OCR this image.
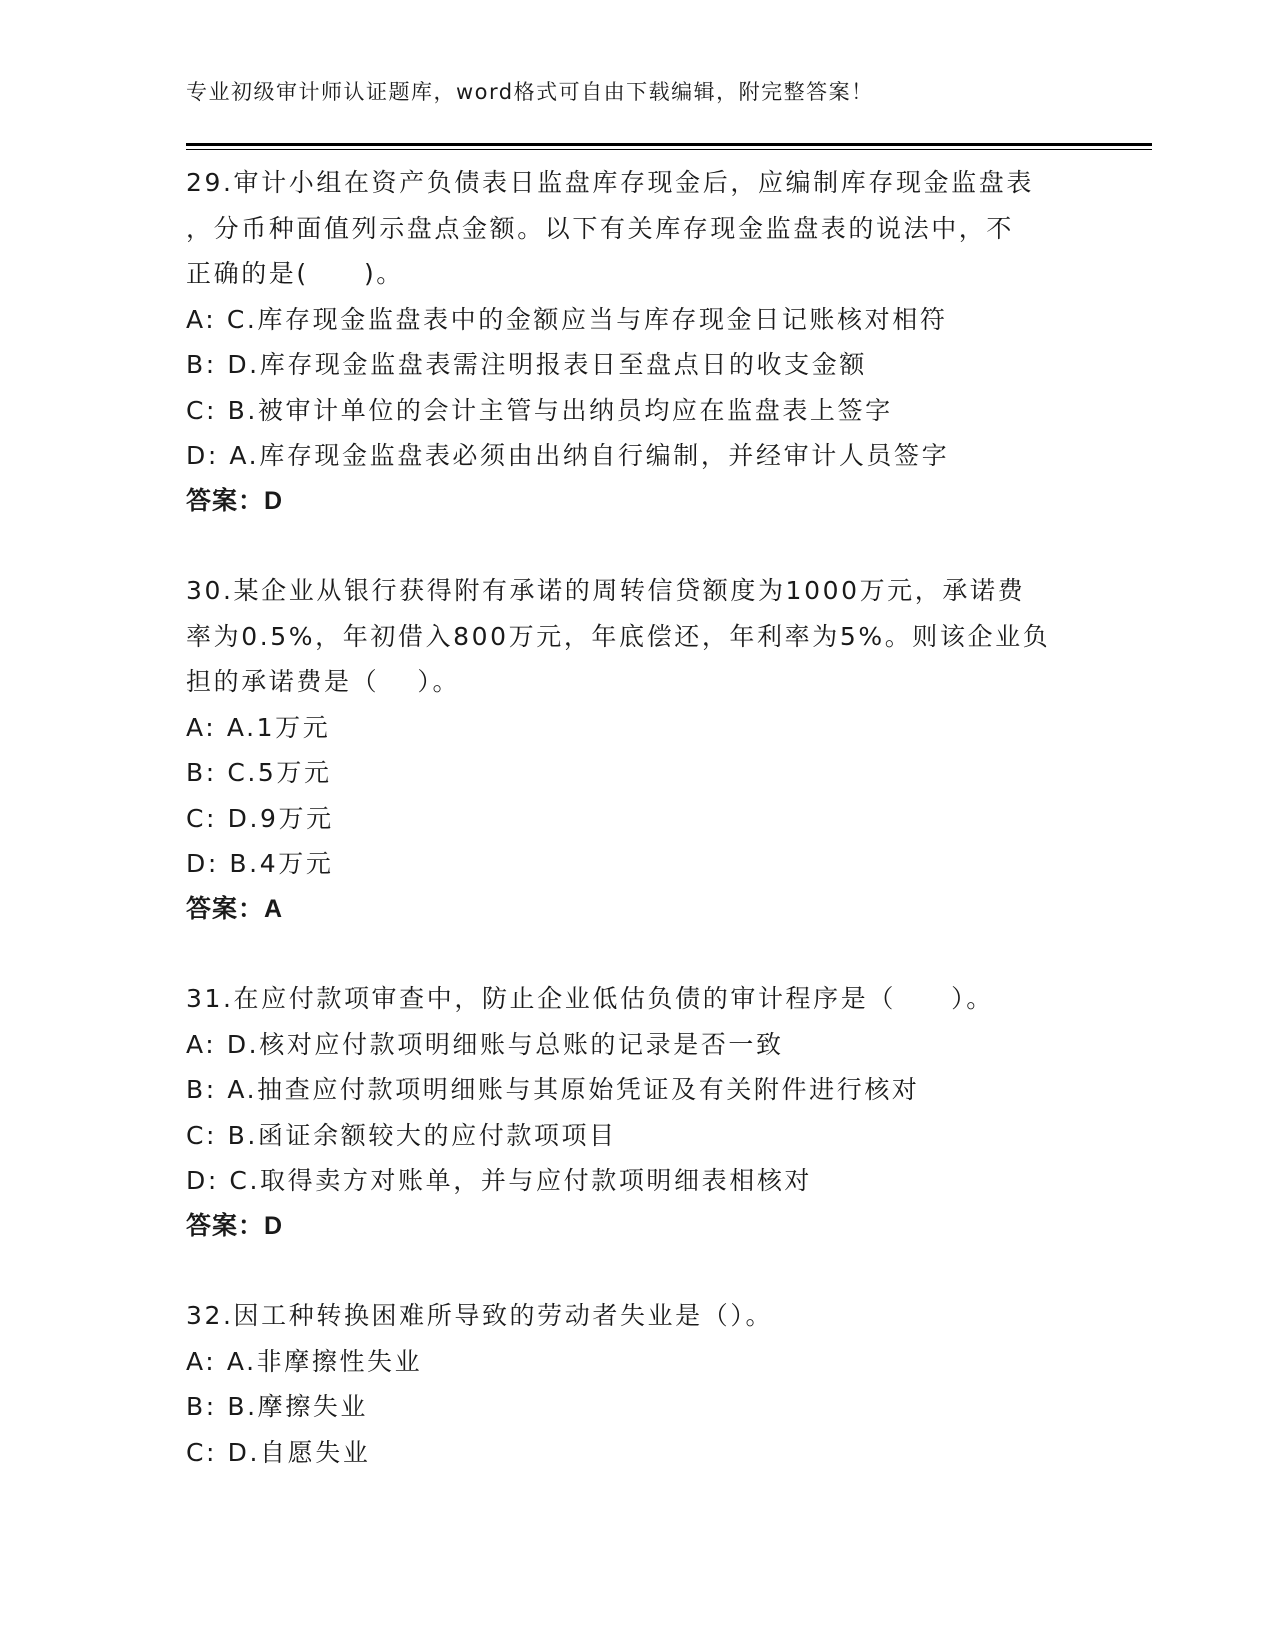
专业初级审计师认证题库，word格式可自由下载编辑，附完整答案！
29.审计小组在资产负债表日监盘库存现金后，应编制库存现金监盘表
，分币种面值列示盘点金额。以下有关库存现金监盘表的说法中，不
正确的是(　　)。
A: C.库存现金监盘表中的金额应当与库存现金日记账核对相符
B: D.库存现金监盘表需注明报表日至盘点日的收支金额
C: B.被审计单位的会计主管与出纳员均应在监盘表上签字
D: A.库存现金监盘表必须由出纳自行编制，并经审计人员签字
答案：D
30.某企业从银行获得附有承诺的周转信贷额度为1000万元，承诺费
率为0.5%，年初借入800万元，年底偿还，年利率为5%。则该企业负
担的承诺费是（　 ）。
A: A.1万元
B: C.5万元
C: D.9万元
D: B.4万元
答案：A
31.在应付款项审查中，防止企业低估负债的审计程序是（　　）。
A: D.核对应付款项明细账与总账的记录是否一致
B: A.抽查应付款项明细账与其原始凭证及有关附件进行核对
C: B.函证余额较大的应付款项项目
D: C.取得卖方对账单，并与应付款项明细表相核对
答案：D
32.因工种转换困难所导致的劳动者失业是（）。
A: A.非摩擦性失业
B: B.摩擦失业
C: D.自愿失业
